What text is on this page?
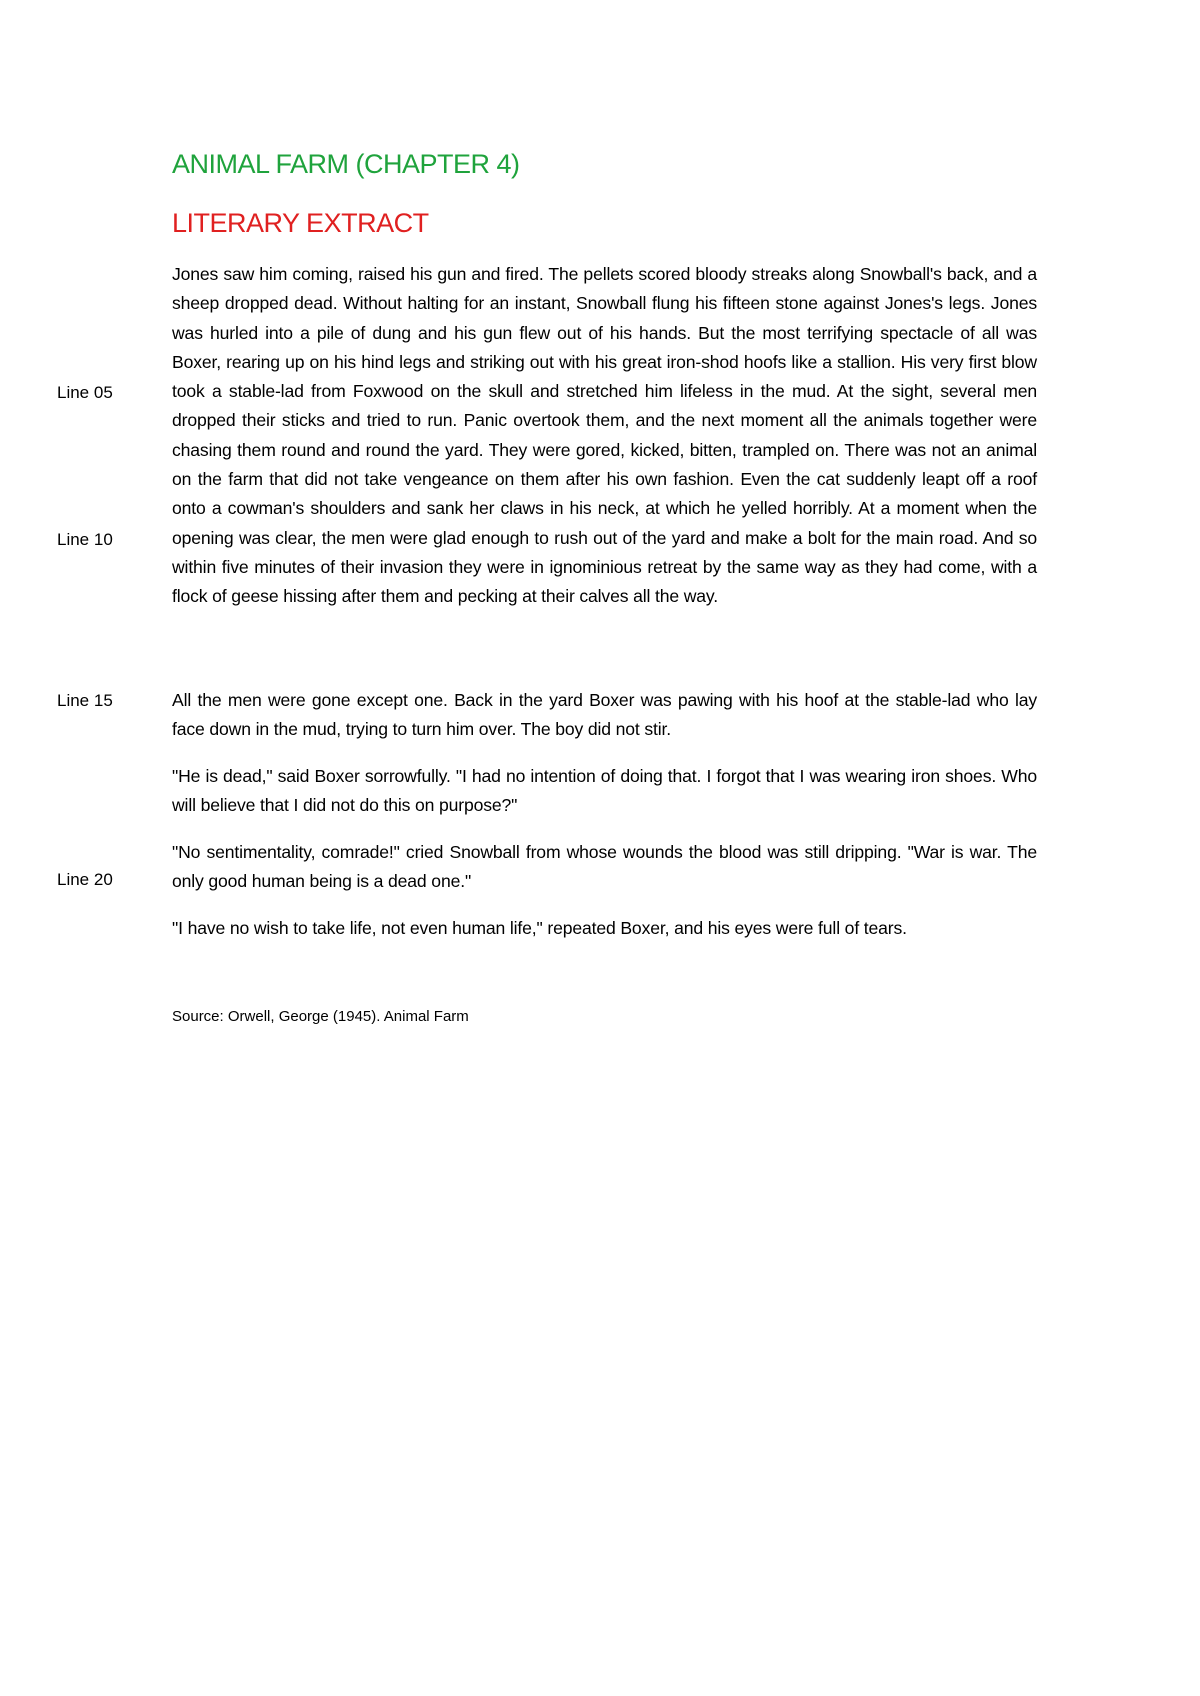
ANIMAL FARM (CHAPTER 4)
LITERARY EXTRACT
Line 05
Line 10
Line 15
Line 20

Jones saw him coming, raised his gun and fired. The pellets scored bloody streaks along Snowball's back, and a sheep dropped dead. Without halting for an instant, Snowball flung his fifteen stone against Jones's legs. Jones was hurled into a pile of dung and his gun flew out of his hands. But the most terrifying spectacle of all was Boxer, rearing up on his hind legs and striking out with his great iron-shod hoofs like a stallion. His very first blow took a stable-lad from Foxwood on the skull and stretched him lifeless in the mud. At the sight, several men dropped their sticks and tried to run. Panic overtook them, and the next moment all the animals together were chasing them round and round the yard. They were gored, kicked, bitten, trampled on. There was not an animal on the farm that did not take vengeance on them after his own fashion. Even the cat suddenly leapt off a roof onto a cowman's shoulders and sank her claws in his neck, at which he yelled horribly. At a moment when the opening was clear, the men were glad enough to rush out of the yard and make a bolt for the main road. And so within five minutes of their invasion they were in ignominious retreat by the same way as they had come, with a flock of geese hissing after them and pecking at their calves all the way.

All the men were gone except one. Back in the yard Boxer was pawing with his hoof at the stable-lad who lay face down in the mud, trying to turn him over. The boy did not stir.

"He is dead," said Boxer sorrowfully. "I had no intention of doing that. I forgot that I was wearing iron shoes. Who will believe that I did not do this on purpose?"

"No sentimentality, comrade!" cried Snowball from whose wounds the blood was still dripping. "War is war. The only good human being is a dead one."

"I have no wish to take life, not even human life," repeated Boxer, and his eyes were full of tears.

Source: Orwell, George (1945). Animal Farm
